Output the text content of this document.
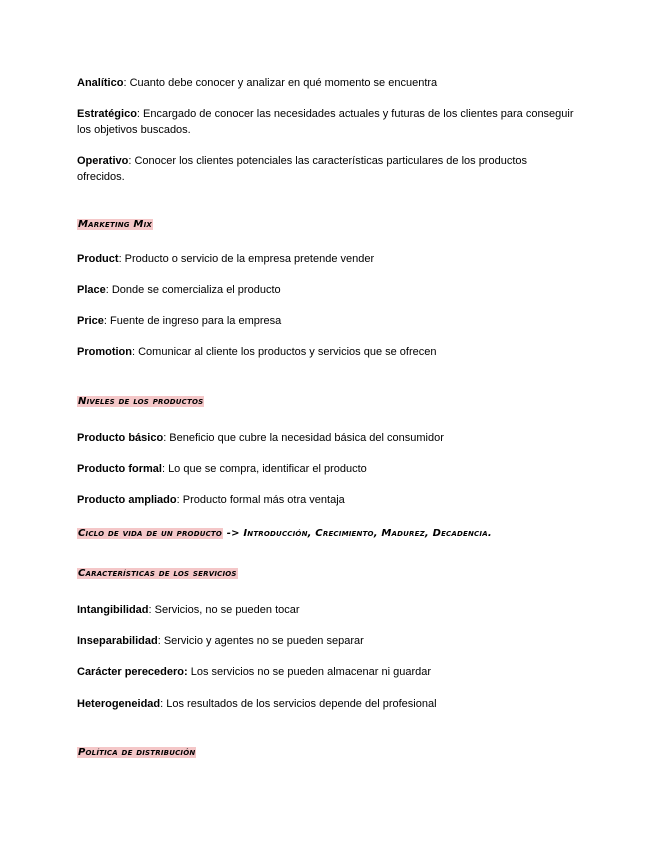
Analítico: Cuanto debe conocer y analizar en qué momento se encuentra
Estratégico: Encargado de conocer las necesidades actuales y futuras de los clientes para conseguir los objetivos buscados.
Operativo: Conocer los clientes potenciales las características particulares de los productos ofrecidos.
Marketing Mix
Product: Producto o servicio de la empresa pretende vender
Place: Donde se comercializa el producto
Price: Fuente de ingreso para la empresa
Promotion: Comunicar al cliente los productos y servicios que se ofrecen
Niveles de los productos
Producto básico: Beneficio que cubre la necesidad básica del consumidor
Producto formal: Lo que se compra, identificar el producto
Producto ampliado: Producto formal más otra ventaja
Ciclo de vida de un producto -> Introducción, Crecimiento, Madurez, Decadencia.
Características de los servicios
Intangibilidad: Servicios, no se pueden tocar
Inseparabilidad: Servicio y agentes no se pueden separar
Carácter perecedero: Los servicios no se pueden almacenar ni guardar
Heterogeneidad: Los resultados de los servicios depende del profesional
Política de distribución
